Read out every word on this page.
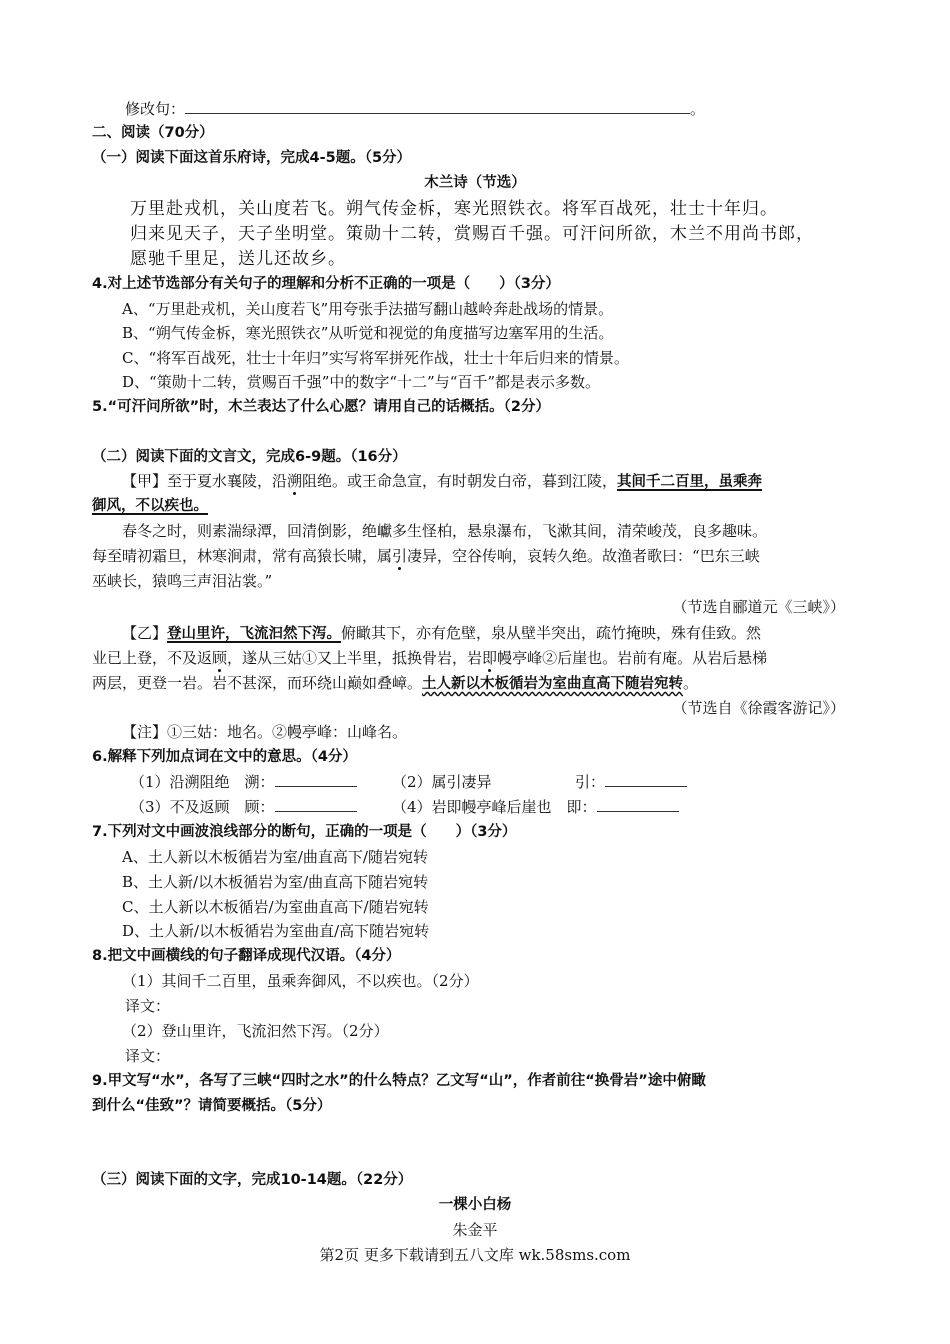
修改句：	。
二、阅读（70分）
（一）阅读下面这首乐府诗，完成4-5题。（5分）
木兰诗（节选）
万里赴戎机，关山度若飞。朔气传金柝，寒光照铁衣。将军百战死，壮士十年归。
归来见天子，天子坐明堂。策勋十二转，赏赐百千强。可汗问所欲，木兰不用尚书郎，
愿驰千里足，送儿还故乡。
4.对上述节选部分有关句子的理解和分析不正确的一项是（　　）（3分）
A、“万里赴戎机，关山度若飞”用夸张手法描写翻山越岭奔赴战场的情景。
B、“朔气传金柝，寒光照铁衣”从听觉和视觉的角度描写边塞军用的生活。
C、“将军百战死，壮士十年归”实写将军拼死作战，壮士十年后归来的情景。
D、“策勋十二转，赏赐百千强”中的数字“十二”与“百千”都是表示多数。
5.“可汗问所欲”时，木兰表达了什么心愿？请用自己的话概括。（2分）
（二）阅读下面的文言文，完成6-9题。（16分）
【甲】至于夏水襄陵，沿溯阻绝。或王命急宣，有时朝发白帝，暮到江陵，其间千二百里，虽乘奔
御风，不以疾也。
春冬之时，则素湍绿潭，回清倒影，绝巘多生怪柏，悬泉瀑布，飞漱其间，清荣峻茂，良多趣味。
每至晴初霜旦，林寒涧肃，常有高猿长啸，属引凄异，空谷传响，哀转久绝。故渔者歌曰：“巴东三峡
巫峡长，猿鸣三声泪沾裳。”
（节选自郦道元《三峡》）
【乙】登山里许，飞流汩然下泻。俯瞰其下，亦有危壁，泉从壁半突出，疏竹掩映，殊有佳致。然
业已上登，不及返顾，遂从三姑①又上半里，抵换骨岩，岩即幔亭峰②后崖也。岩前有庵。从岩后悬梯
两层，更登一岩。岩不甚深，而环绕山巅如叠嶂。土人新以木板循岩为室曲直高下随岩宛转。
（节选自《徐霞客游记》）
【注】①三姑：地名。②幔亭峰：山峰名。
6.解释下列加点词在文中的意思。（4分）
（1）沿溯阻绝　溯：	（2）属引凄异	引：
（3）不及返顾　顾：	（4）岩即幔亭峰后崖也　即：
7.下列对文中画波浪线部分的断句，正确的一项是（　　）（3分）
A、土人新以木板循岩为室/曲直高下/随岩宛转
B、土人新/以木板循岩为室/曲直高下随岩宛转
C、土人新以木板循岩/为室曲直高下/随岩宛转
D、土人新/以木板循岩为室曲直/高下随岩宛转
8.把文中画横线的句子翻译成现代汉语。（4分）
（1）其间千二百里，虽乘奔御风，不以疾也。（2分）
译文：
（2）登山里许，飞流汩然下泻。（2分）
译文：
9.甲文写“水”，各写了三峡“四时之水”的什么特点？乙文写“山”，作者前往“换骨岩”途中俯瞰
到什么“佳致”？请简要概括。（5分）
（三）阅读下面的文字，完成10-14题。（22分）
一棵小白杨
朱金平
第2页 更多下载请到五八文库 wk.58sms.com
